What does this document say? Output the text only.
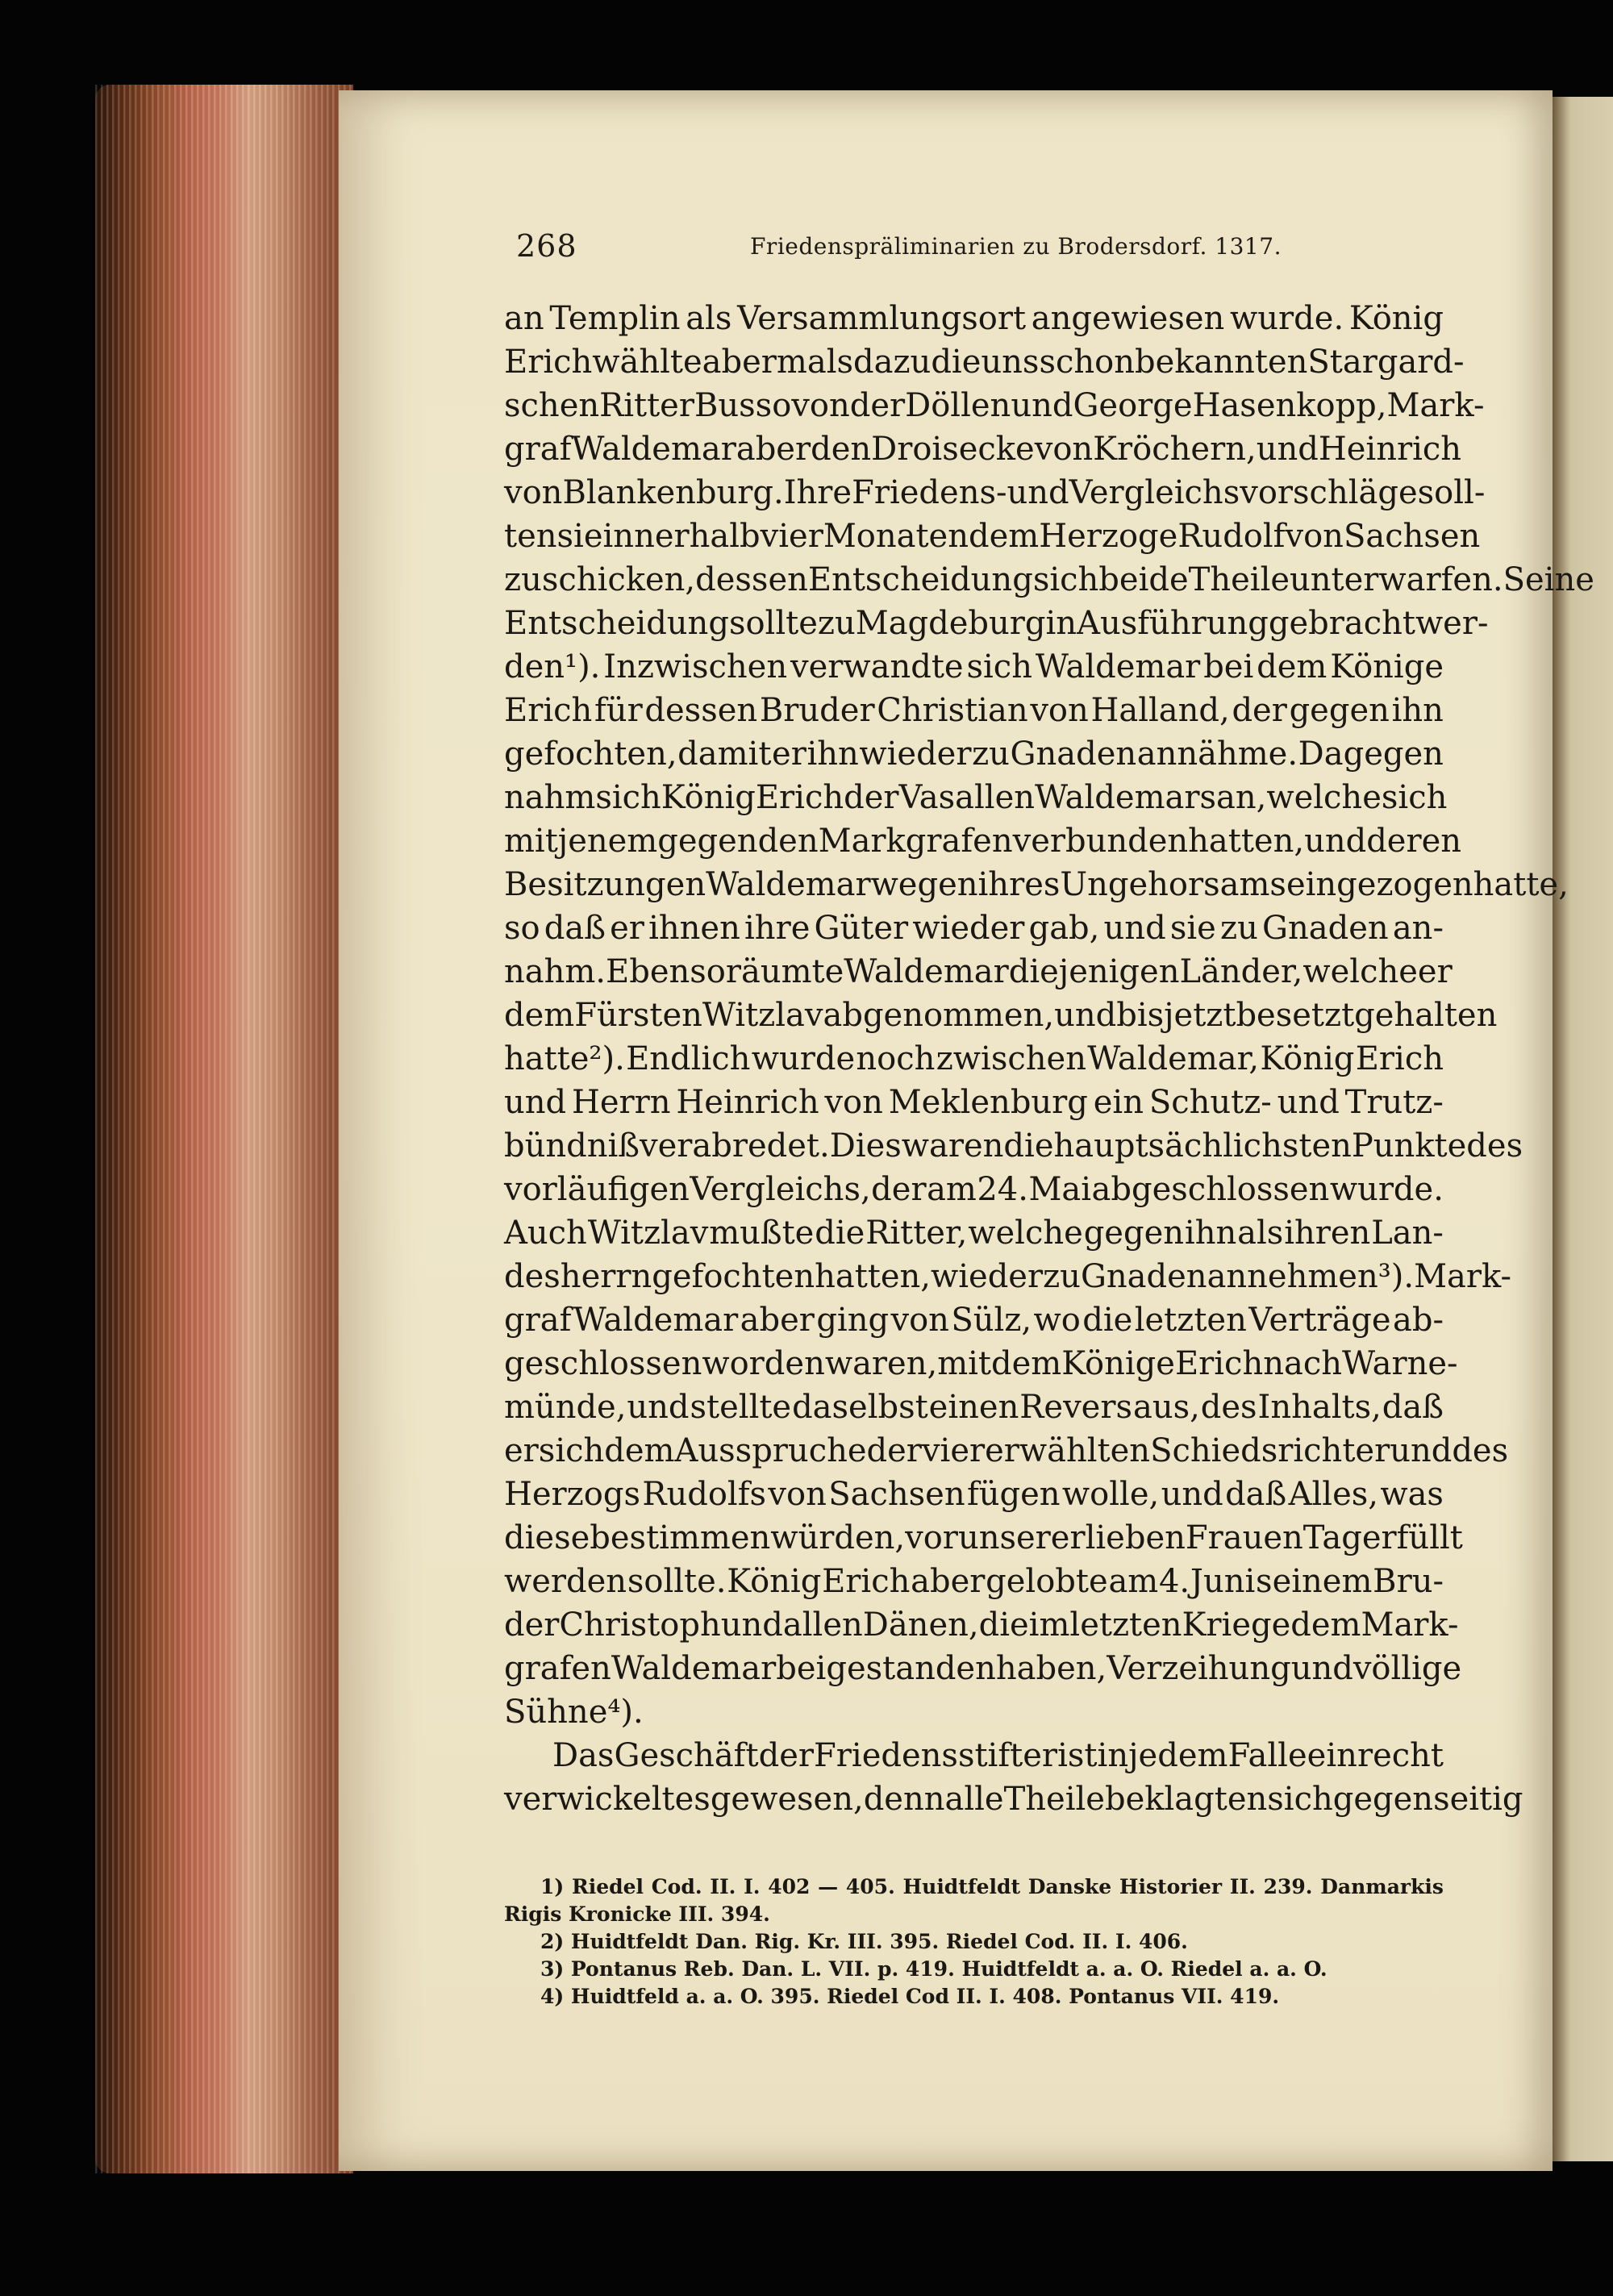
268	Friedenspräliminarien zu Brodersdorf. 1317.
an Templin als Versammlungsort angewiesen wurde. König
Erich wählte abermals dazu die uns schon bekannten Stargard-
schen Ritter Busso von der Döllen und George Hasenkopp, Mark-
graf Waldemar aber den Droisecke von Kröchern, und Heinrich
von Blankenburg. Ihre Friedens- und Vergleichsvorschläge soll-
ten sie innerhalb vier Monaten dem Herzoge Rudolf von Sachsen
zuschicken, dessen Entscheidung sich beide Theile unterwarfen. Seine
Entscheidung sollte zu Magdeburg in Ausführung gebracht wer-
den¹). Inzwischen verwandte sich Waldemar bei dem Könige
Erich für dessen Bruder Christian von Halland, der gegen ihn
gefochten, damit er ihn wieder zu Gnaden annähme. Dagegen
nahm sich König Erich der Vasallen Waldemars an, welche sich
mit jenem gegen den Markgrafen verbunden hatten, und deren
Besitzungen Waldemar wegen ihres Ungehorsams eingezogen hatte,
so daß er ihnen ihre Güter wieder gab, und sie zu Gnaden an-
nahm. Eben so räumte Waldemar diejenigen Länder, welche er
dem Fürsten Witzlav abgenommen, und bis jetzt besetzt gehalten
hatte²). Endlich wurde noch zwischen Waldemar, König Erich
und Herrn Heinrich von Meklenburg ein Schutz- und Trutz-
bündniß verabredet. Dies waren die hauptsächlichsten Punkte des
vorläufigen Vergleichs, der am 24. Mai abgeschlossen wurde.
Auch Witzlav mußte die Ritter, welche gegen ihn als ihren Lan-
desherrn gefochten hatten, wieder zu Gnaden annehmen³). Mark-
graf Waldemar aber ging von Sülz, wo die letzten Verträge ab-
geschlossen worden waren, mit dem Könige Erich nach Warne-
münde, und stellte daselbst einen Revers aus, des Inhalts, daß
er sich dem Ausspruche der vier erwählten Schiedsrichter und des
Herzogs Rudolfs von Sachsen fügen wolle, und daß Alles, was
diese bestimmen würden, vor unserer lieben Frauen Tag erfüllt
werden sollte. König Erich aber gelobte am 4. Juni seinem Bru-
der Christoph und allen Dänen, die im letzten Kriege dem Mark-
grafen Waldemar beigestanden haben, Verzeihung und völlige
Sühne⁴).
Das Geschäft der Friedensstifter ist in jedem Falle ein recht
verwickeltes gewesen, denn alle Theile beklagten sich gegenseitig
1) Riedel Cod. II. I. 402 — 405. Huidtfeldt Danske Historier II. 239. Danmarkis
Rigis Kronicke III. 394.
2) Huidtfeldt Dan. Rig. Kr. III. 395. Riedel Cod. II. I. 406.
3) Pontanus Reb. Dan. L. VII. p. 419. Huidtfeldt a. a. O. Riedel a. a. O.
4) Huidtfeld a. a. O. 395. Riedel Cod II. I. 408. Pontanus VII. 419.
